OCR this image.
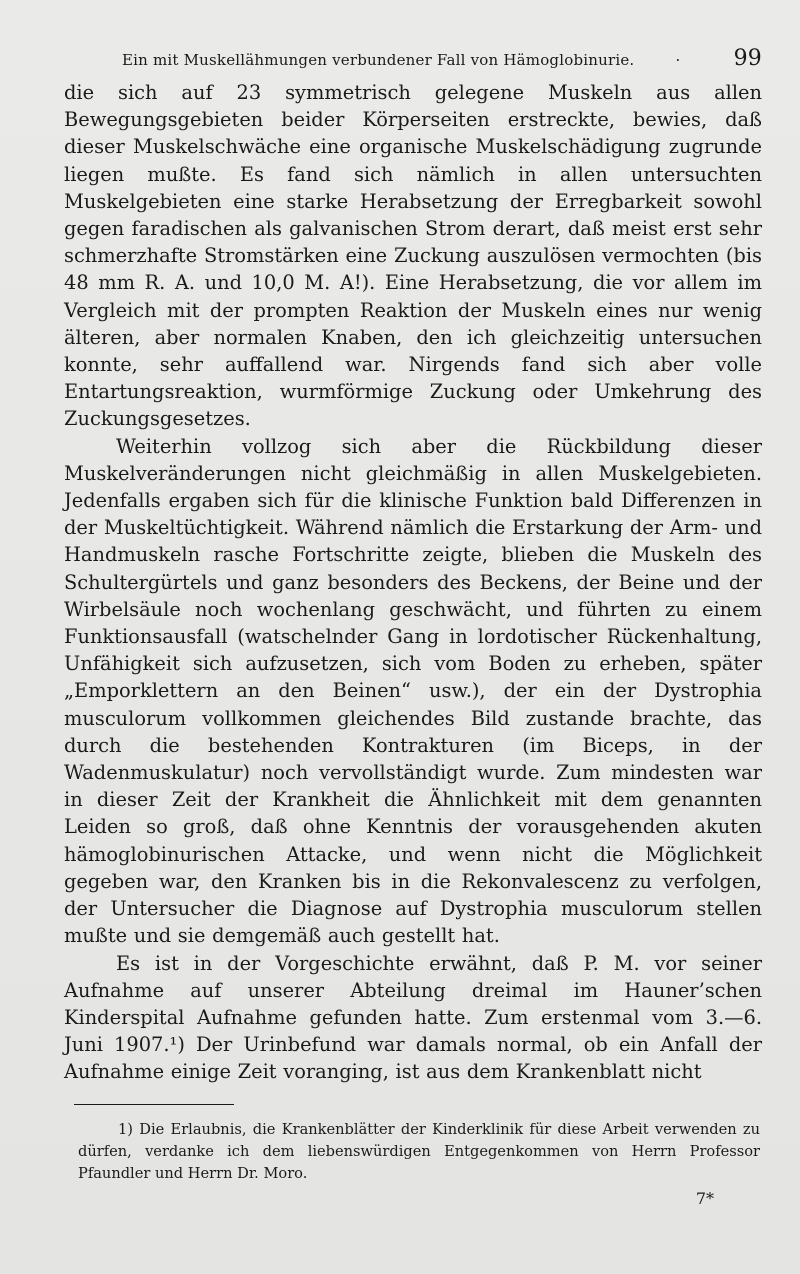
Ein mit Muskellähmungen verbundener Fall von Hämoglobinurie.	· 99

die sich auf 23 symmetrisch gelegene Muskeln aus allen Bewegungsgebieten beider Körperseiten erstreckte, bewies, daß dieser Muskelschwäche eine organische Muskelschädigung zugrunde liegen mußte. Es fand sich nämlich in allen untersuchten Muskelgebieten eine starke Herabsetzung der Erregbarkeit sowohl gegen faradischen als galvanischen Strom derart, daß meist erst sehr schmerzhafte Stromstärken eine Zuckung auszulösen vermochten (bis 48 mm R. A. und 10,0 M. A!). Eine Herabsetzung, die vor allem im Vergleich mit der prompten Reaktion der Muskeln eines nur wenig älteren, aber normalen Knaben, den ich gleichzeitig untersuchen konnte, sehr auffallend war. Nirgends fand sich aber volle Entartungsreaktion, wurmförmige Zuckung oder Umkehrung des Zuckungsgesetzes.

Weiterhin vollzog sich aber die Rückbildung dieser Muskelveränderungen nicht gleichmäßig in allen Muskelgebieten. Jedenfalls ergaben sich für die klinische Funktion bald Differenzen in der Muskeltüchtigkeit. Während nämlich die Erstarkung der Arm- und Handmuskeln rasche Fortschritte zeigte, blieben die Muskeln des Schultergürtels und ganz besonders des Beckens, der Beine und der Wirbelsäule noch wochenlang geschwächt, und führten zu einem Funktionsausfall (watschelnder Gang in lordotischer Rückenhaltung, Unfähigkeit sich aufzusetzen, sich vom Boden zu erheben, später „Emporklettern an den Beinen“ usw.), der ein der Dystrophia musculorum vollkommen gleichendes Bild zustande brachte, das durch die bestehenden Kontrakturen (im Biceps, in der Wadenmuskulatur) noch vervollständigt wurde. Zum mindesten war in dieser Zeit der Krankheit die Ähnlichkeit mit dem genannten Leiden so groß, daß ohne Kenntnis der vorausgehenden akuten hämoglobinurischen Attacke, und wenn nicht die Möglichkeit gegeben war, den Kranken bis in die Rekonvalescenz zu verfolgen, der Untersucher die Diagnose auf Dystrophia musculorum stellen mußte und sie demgemäß auch gestellt hat.

Es ist in der Vorgeschichte erwähnt, daß P. M. vor seiner Aufnahme auf unserer Abteilung dreimal im Hauner’schen Kinderspital Aufnahme gefunden hatte. Zum erstenmal vom 3.—6. Juni 1907.¹) Der Urinbefund war damals normal, ob ein Anfall der Aufnahme einige Zeit voranging, ist aus dem Krankenblatt nicht

1) Die Erlaubnis, die Krankenblätter der Kinderklinik für diese Arbeit verwenden zu dürfen, verdanke ich dem liebenswürdigen Entgegenkommen von Herrn Professor Pfaundler und Herrn Dr. Moro.
7*
